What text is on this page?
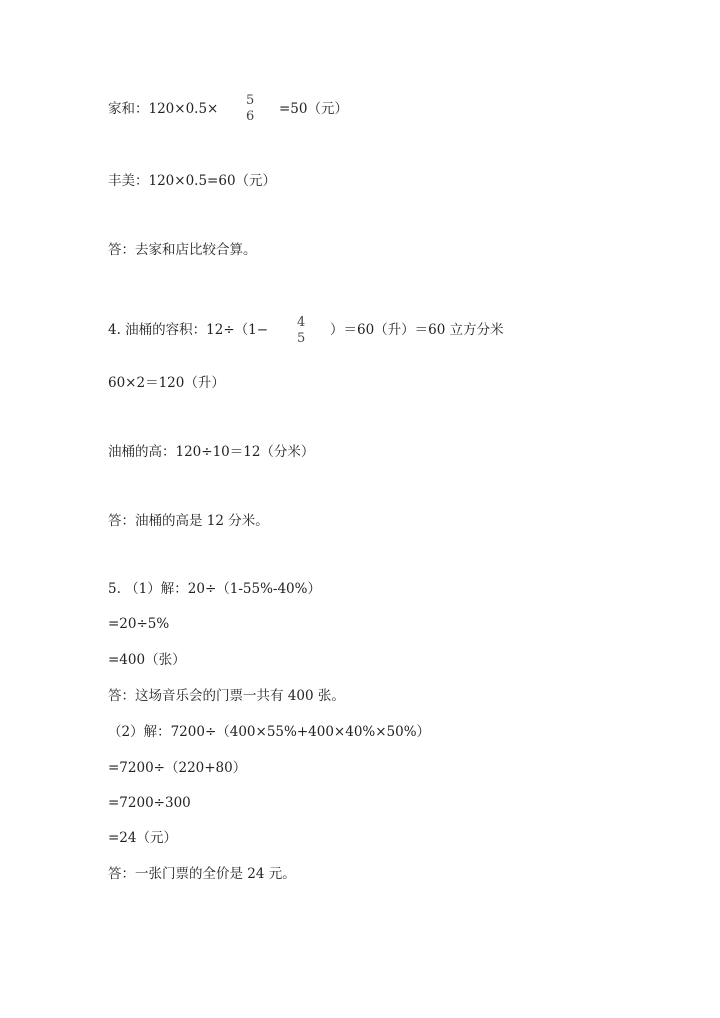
家和：120×0.5×
5
6 =50（元）
丰美：120×0.5=60（元）
答：去家和店比较合算。
4. 油桶的容积：12÷（1− 4
5
）＝60（升）＝60 立方分米
60×2＝120（升）
油桶的高：120÷10＝12（分米）
答：油桶的高是 12 分米。
5. （1）解：20÷（1-55%-40%）
=20÷5%
=400（张）
答：这场音乐会的门票一共有 400 张。
（2）解：7200÷（400×55%+400×40%×50%）
=7200÷（220+80）
=7200÷300
=24（元）
答：一张门票的全价是 24 元。
